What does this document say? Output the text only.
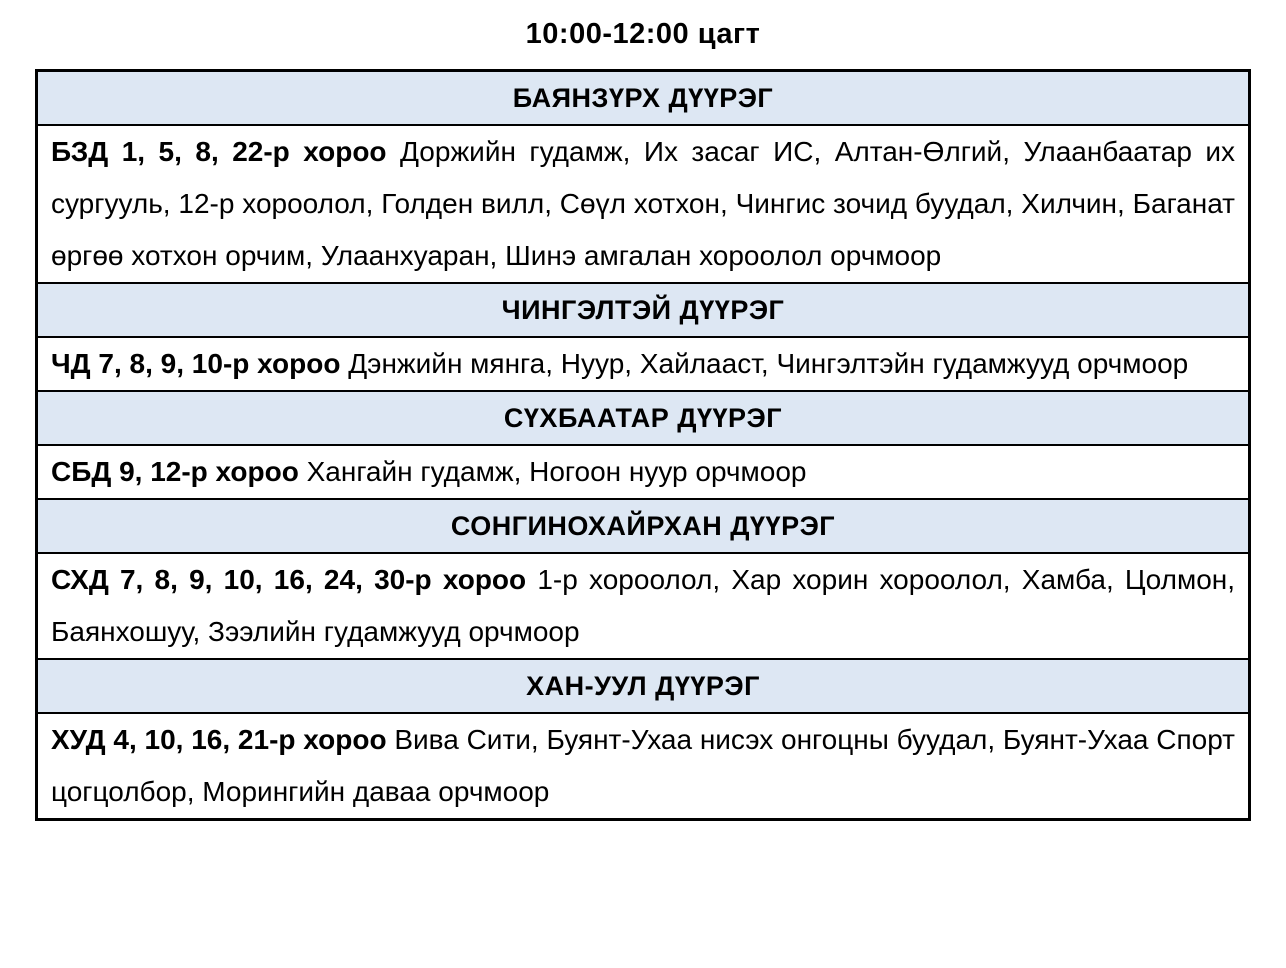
10:00-12:00 цагт
БАЯНЗҮРХ ДҮҮРЭГ
БЗД 1, 5, 8, 22-р хороо Доржийн гудамж, Их засаг ИС, Алтан-Өлгий, Улаанбаатар их сургууль, 12-р хороолол, Голден вилл, Сөүл хотхон, Чингис зочид буудал, Хилчин, Баганат өргөө хотхон орчим, Улаанхуаран, Шинэ амгалан хороолол орчмоор
ЧИНГЭЛТЭЙ ДҮҮРЭГ
ЧД 7, 8, 9, 10-р хороо Дэнжийн мянга, Нуур, Хайлааст, Чингэлтэйн гудамжууд орчмоор
СҮХБААТАР ДҮҮРЭГ
СБД 9, 12-р хороо Хангайн гудамж, Ногоон нуур орчмоор
СОНГИНОХАЙРХАН ДҮҮРЭГ
СХД 7, 8, 9, 10, 16, 24, 30-р хороо 1-р хороолол, Хар хорин хороолол, Хамба, Цолмон, Баянхошуу, Зээлийн гудамжууд орчмоор
ХАН-УУЛ ДҮҮРЭГ
ХУД 4, 10, 16, 21-р хороо Вива Сити, Буянт-Ухаа нисэх онгоцны буудал, Буянт-Ухаа Спорт цогцолбор, Морингийн даваа орчмоор
